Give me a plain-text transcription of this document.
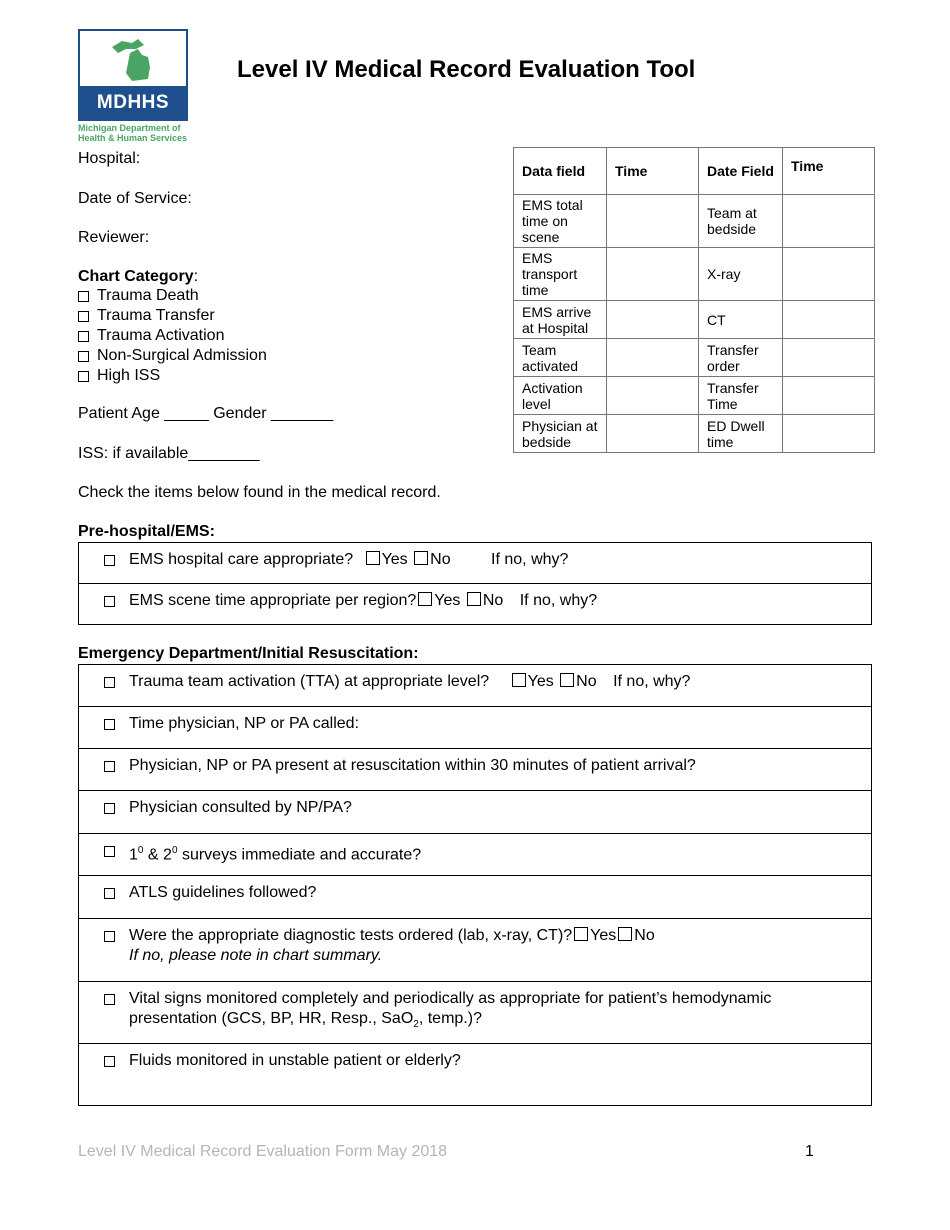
MDHHS
Michigan Department of
Health & Human Services
Level IV Medical Record Evaluation Tool
Hospital:
Date of Service:
Reviewer:
Chart Category:
Trauma Death
Trauma Transfer
Trauma Activation
Non-Surgical Admission
High ISS
Patient Age _____ Gender _______
ISS: if available________
Check the items below found in the medical record.
Data field	Time	Date Field	Time
EMS total time on scene		Team at bedside	
EMS transport time		X-ray	
EMS arrive at Hospital		CT	
Team activated		Transfer order	
Activation level		Transfer Time	
Physician at bedside		ED Dwell time	
Pre-hospital/EMS:
EMS hospital care appropriate? Yes No	If no, why?
EMS scene time appropriate per region? Yes No If no, why?
Emergency Department/Initial Resuscitation:
Trauma team activation (TTA) at appropriate level? Yes No If no, why?
Time physician, NP or PA called:
Physician, NP or PA present at resuscitation within 30 minutes of patient arrival?
Physician consulted by NP/PA?
$1^0$ & $2^0$ surveys immediate and accurate?
ATLS guidelines followed?
Were the appropriate diagnostic tests ordered (lab, x-ray, CT)? Yes No
If no, please note in chart summary.
Vital signs monitored completely and periodically as appropriate for patient’s hemodynamic
presentation (GCS, BP, HR, Resp., SaO$_2$, temp.)?
Fluids monitored in unstable patient or elderly?
Level IV Medical Record Evaluation Form May 2018	1
